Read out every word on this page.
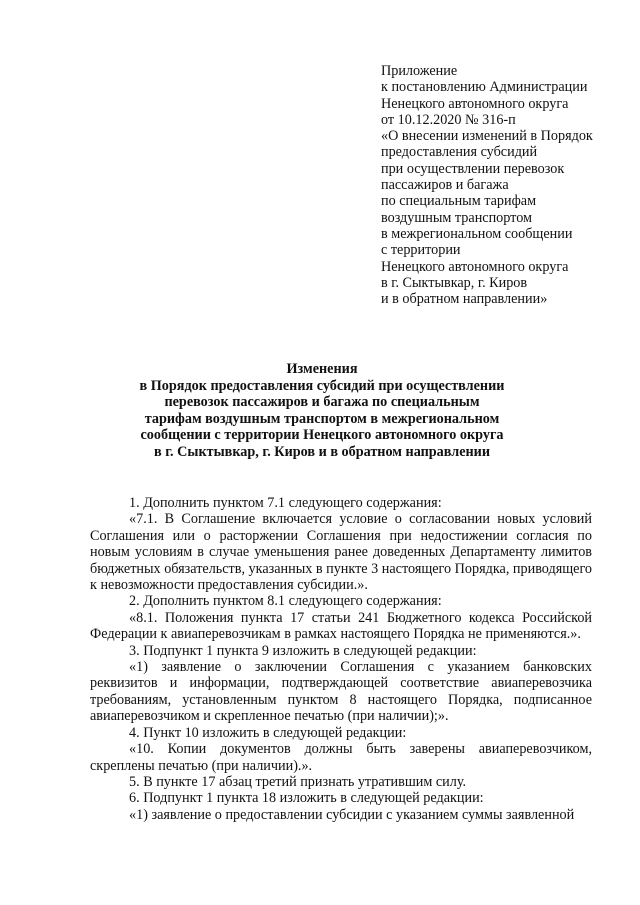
Приложение
к постановлению Администрации
Ненецкого автономного округа
от 10.12.2020 № 316-п
«О внесении изменений в Порядок
предоставления субсидий
при осуществлении перевозок
пассажиров и багажа
по специальным тарифам
воздушным транспортом
в межрегиональном сообщении
с территории
Ненецкого автономного округа
в г. Сыктывкар, г. Киров
и в обратном направлении»
Изменения
в Порядок предоставления субсидий при осуществлении
перевозок пассажиров и багажа по специальным
тарифам воздушным транспортом в межрегиональном
сообщении с территории Ненецкого автономного округа
в г. Сыктывкар, г. Киров и в обратном направлении

1. Дополнить пунктом 7.1 следующего содержания:

«7.1. В Соглашение включается условие о согласовании новых условий Соглашения или о расторжении Соглашения при недостижении согласия по новым условиям в случае уменьшения ранее доведенных Департаменту лимитов бюджетных обязательств, указанных в пункте 3 настоящего Порядка, приводящего к невозможности предоставления субсидии.».

2. Дополнить пунктом 8.1 следующего содержания:

«8.1. Положения пункта 17 статьи 241 Бюджетного кодекса Российской Федерации к авиаперевозчикам в рамках настоящего Порядка не применяются.».

3. Подпункт 1 пункта 9 изложить в следующей редакции:

«1) заявление о заключении Соглашения с указанием банковских реквизитов и информации, подтверждающей соответствие авиаперевозчика требованиям, установленным пунктом 8 настоящего Порядка, подписанное авиаперевозчиком и скрепленное печатью (при наличии);».

4. Пункт 10 изложить в следующей редакции:

«10. Копии документов должны быть заверены авиаперевозчиком, скреплены печатью (при наличии).».

5. В пункте 17 абзац третий признать утратившим силу.

6. Подпункт 1 пункта 18 изложить в следующей редакции:

«1) заявление о предоставлении субсидии с указанием суммы заявленной
